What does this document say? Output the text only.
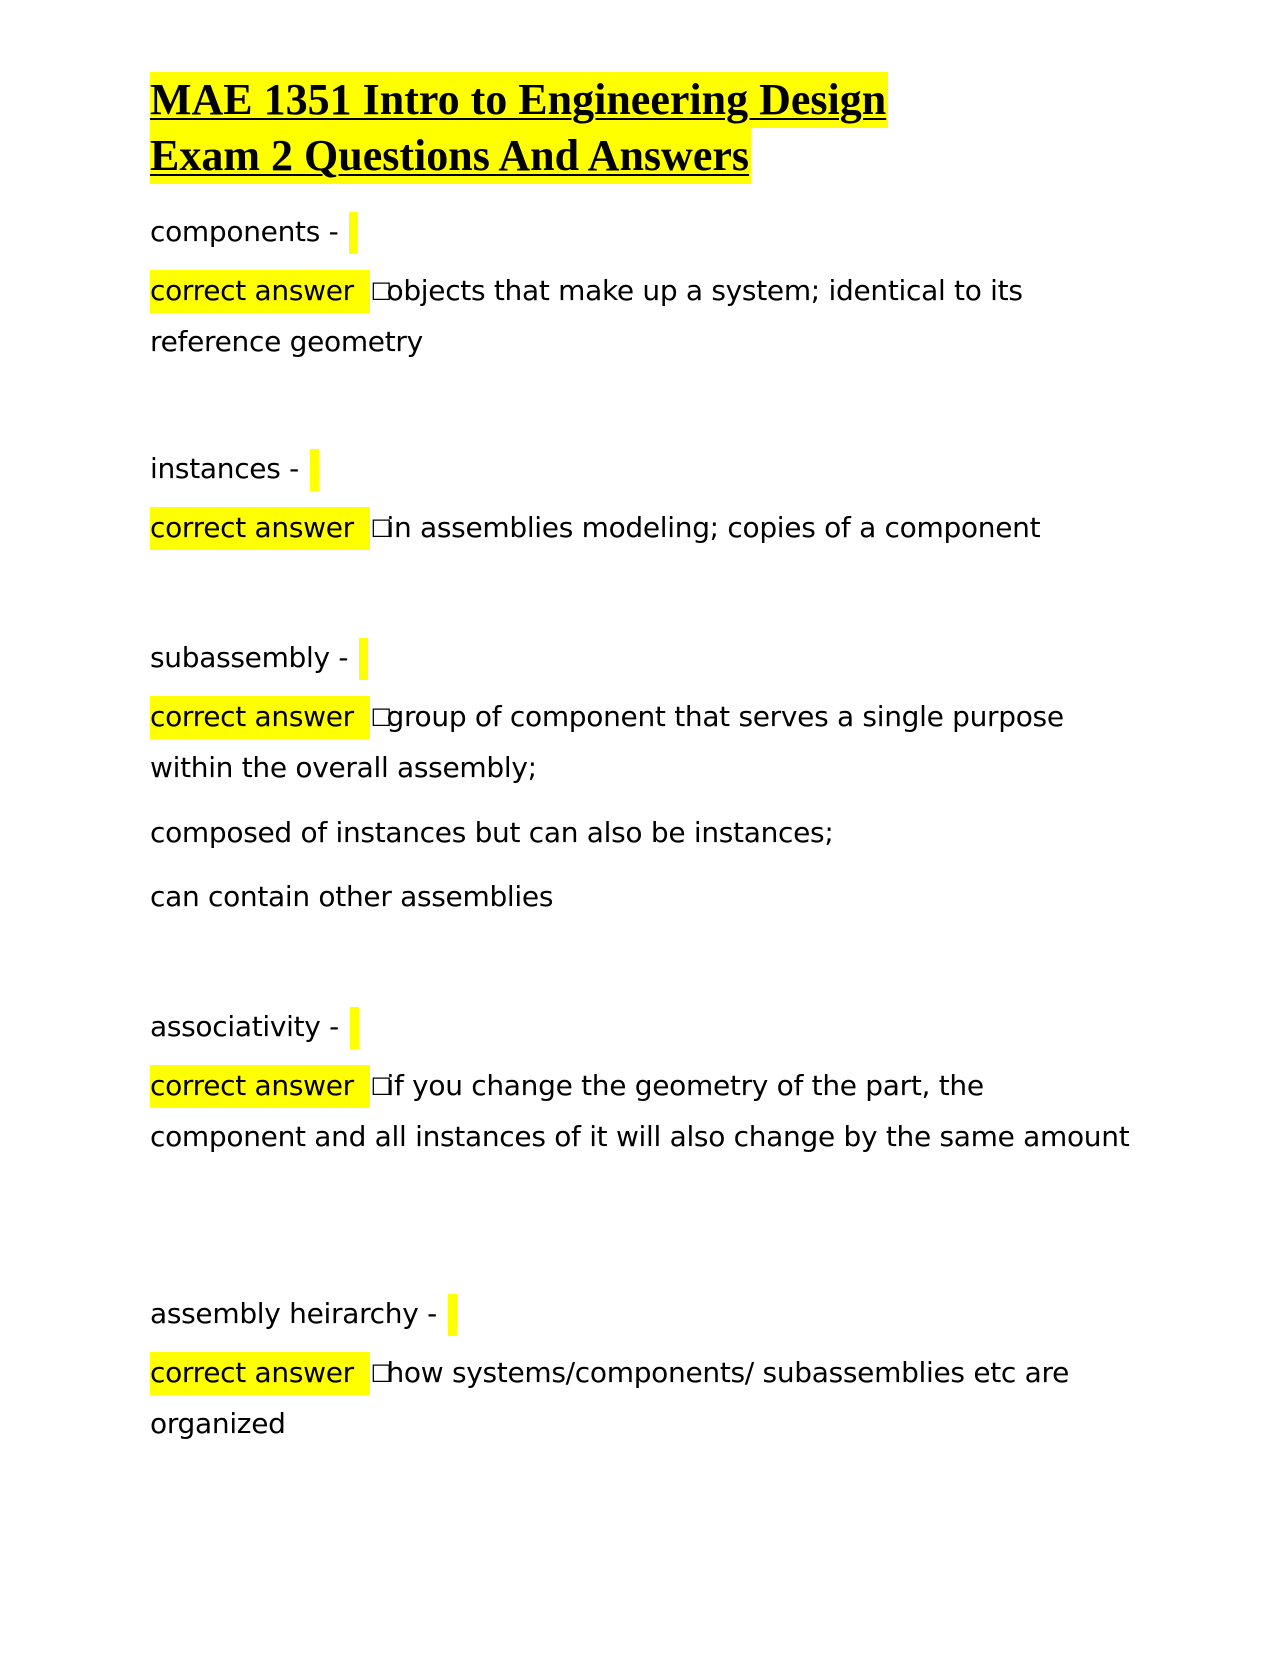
MAE 1351 Intro to Engineering Design
Exam 2 Questions And Answers
components -
correct answer ☐objects that make up a system; identical to its reference geometry
instances -
correct answer ☐in assemblies modeling; copies of a component
subassembly -
correct answer ☐group of component that serves a single purpose within the overall assembly;
composed of instances but can also be instances;
can contain other assemblies
associativity -
correct answer ☐if you change the geometry of the part, the component and all instances of it will also change by the same amount
assembly heirarchy -
correct answer ☐how systems/components/ subassemblies etc are organized
